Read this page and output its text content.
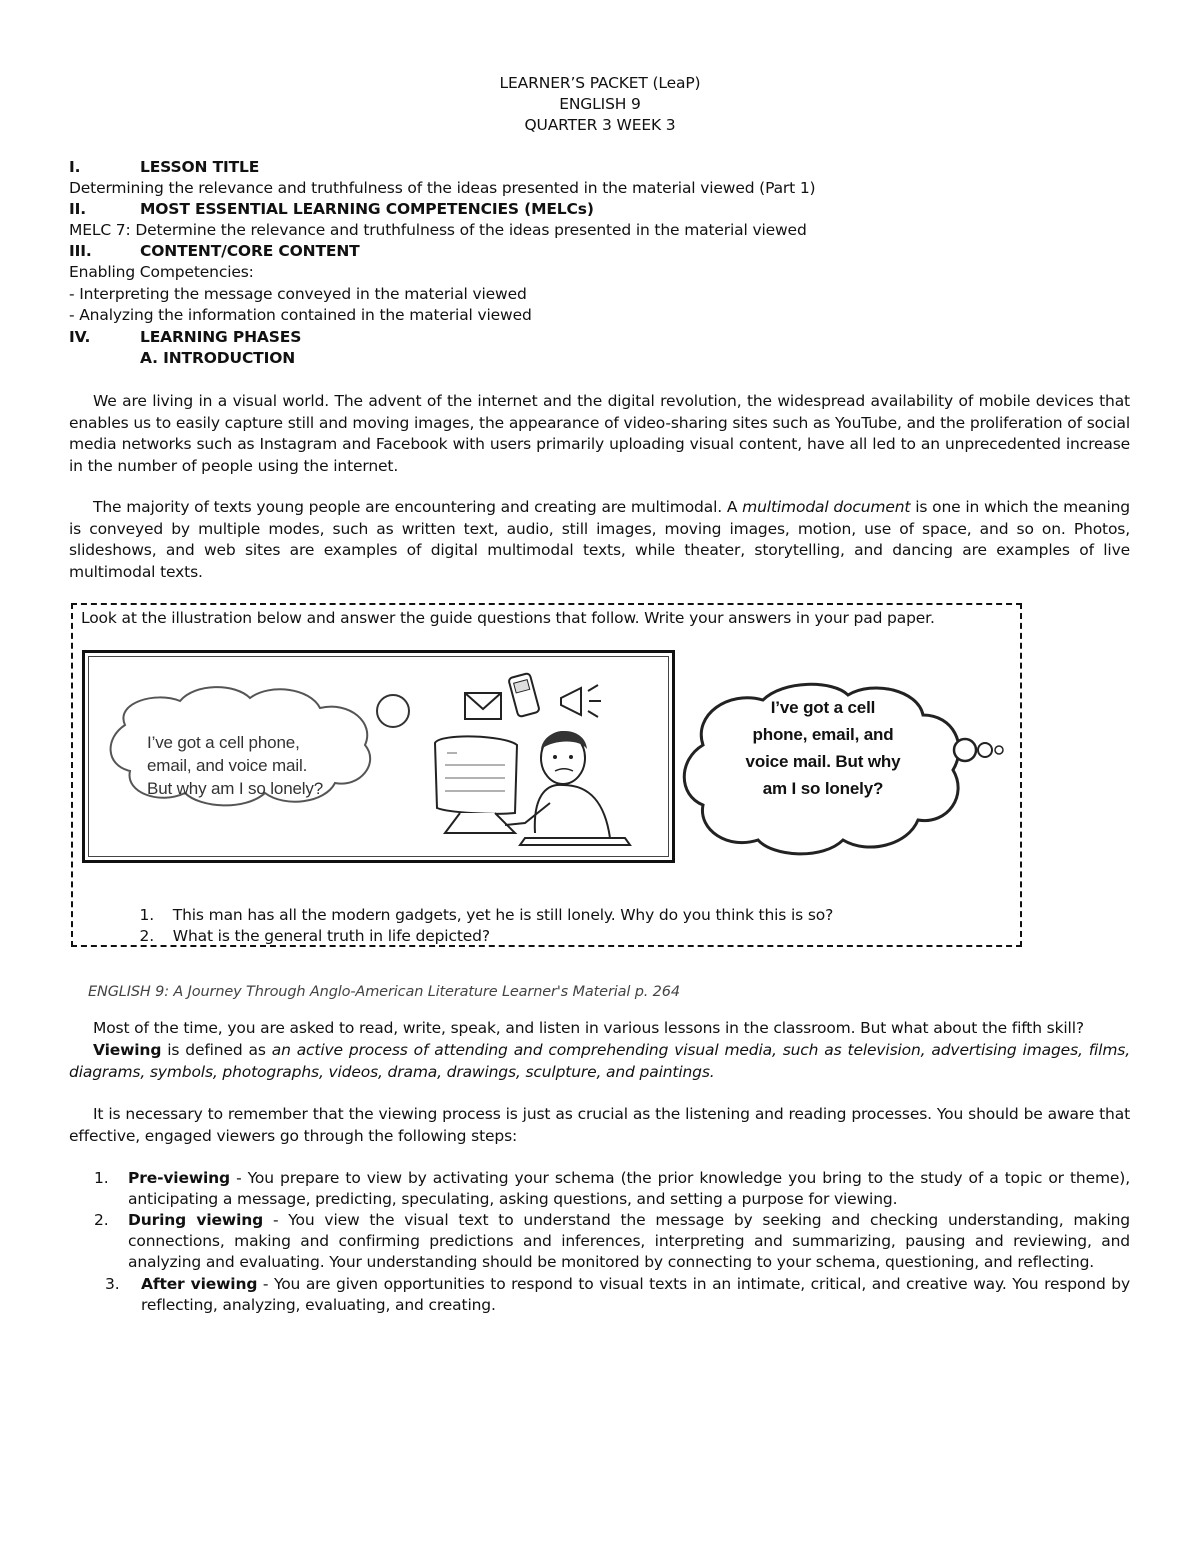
LEARNER’S PACKET (LeaP)
ENGLISH 9
QUARTER 3 WEEK 3
I.	LESSON TITLE
Determining the relevance and truthfulness of the ideas presented in the material viewed (Part 1)
II.	MOST ESSENTIAL LEARNING COMPETENCIES (MELCs)
MELC 7: Determine the relevance and truthfulness of the ideas presented in the material viewed
III.	CONTENT/CORE CONTENT
Enabling Competencies:
- Interpreting the message conveyed in the material viewed
- Analyzing the information contained in the material viewed
IV.	LEARNING PHASES
A. INTRODUCTION
We are living in a visual world. The advent of the internet and the digital revolution, the widespread availability of mobile devices that enables us to easily capture still and moving images, the appearance of video-sharing sites such as YouTube, and the proliferation of social media networks such as Instagram and Facebook with users primarily uploading visual content, have all led to an unprecedented increase in the number of people using the internet.
The majority of texts young people are encountering and creating are multimodal. A multimodal document is one in which the meaning is conveyed by multiple modes, such as written text, audio, still images, moving images, motion, use of space, and so on. Photos, slideshows, and web sites are examples of digital multimodal texts, while theater, storytelling, and dancing are examples of live multimodal texts.
Look at the illustration below and answer the guide questions that follow. Write your answers in your pad paper.
I’ve got a cell phone,
email, and voice mail.
But why am I so lonely?
I’ve got a cell
phone, email, and
voice mail. But why
am I so lonely?
1. This man has all the modern gadgets, yet he is still lonely. Why do you think this is so?
2. What is the general truth in life depicted?
ENGLISH 9: A Journey Through Anglo-American Literature Learner's Material p. 264
Most of the time, you are asked to read, write, speak, and listen in various lessons in the classroom. But what about the fifth skill?
Viewing is defined as an active process of attending and comprehending visual media, such as television, advertising images, films, diagrams, symbols, photographs, videos, drama, drawings, sculpture, and paintings.
It is necessary to remember that the viewing process is just as crucial as the listening and reading processes. You should be aware that effective, engaged viewers go through the following steps:
1. Pre-viewing - You prepare to view by activating your schema (the prior knowledge you bring to the study of a topic or theme), anticipating a message, predicting, speculating, asking questions, and setting a purpose for viewing.
2. During viewing - You view the visual text to understand the message by seeking and checking understanding, making connections, making and confirming predictions and inferences, interpreting and summarizing, pausing and reviewing, and analyzing and evaluating. Your understanding should be monitored by connecting to your schema, questioning, and reflecting.
3. After viewing - You are given opportunities to respond to visual texts in an intimate, critical, and creative way. You respond by reflecting, analyzing, evaluating, and creating.
